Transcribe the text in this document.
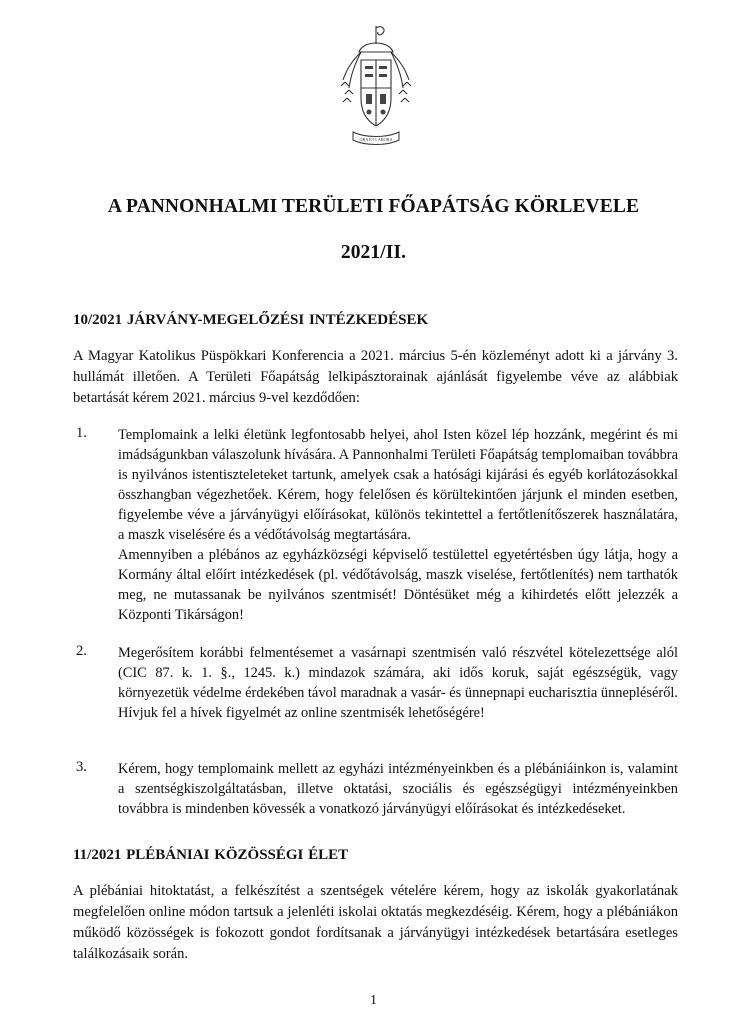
ORA ET LABORA
A PANNONHALMI TERÜLETI FŐAPÁTSÁG KÖRLEVELE
2021/II.
10/2021 JÁRVÁNY-MEGELŐZÉSI INTÉZKEDÉSEK
A Magyar Katolikus Püspökkari Konferencia a 2021. március 5-én közleményt adott ki a járvány 3. hullámát illetően. A Területi Főapátság lelkipásztorainak ajánlását figyelembe véve az alábbiak betartását kérem 2021. március 9-vel kezdődően:
1. Templomaink a lelki életünk legfontosabb helyei, ahol Isten közel lép hozzánk, megérint és mi imádságunkban válaszolunk hívására. A Pannonhalmi Területi Főapátság templomaiban továbbra is nyilvános istentiszteleteket tartunk, amelyek csak a hatósági kijárási és egyéb korlátozásokkal összhangban végezhetőek. Kérem, hogy felelősen és körültekintően járjunk el minden esetben, figyelembe véve a járványügyi előírásokat, különös tekintettel a fertőtlenítőszerek használatára, a maszk viselésére és a védőtávolság megtartására.

Amennyiben a plébános az egyházközségi képviselő testülettel egyetértésben úgy látja, hogy a Kormány által előírt intézkedések (pl. védőtávolság, maszk viselése, fertőtlenítés) nem tarthatók meg, ne mutassanak be nyilvános szentmisét! Döntésüket még a kihirdetés előtt jelezzék a Központi Tikárságon!

2. Megerősítem korábbi felmentésemet a vasárnapi szentmisén való részvétel kötelezettsége alól (CIC 87. k. 1. §., 1245. k.) mindazok számára, aki idős koruk, saját egészségük, vagy környezetük védelme érdekében távol maradnak a vasár- és ünnepnapi eucharisztia ünnepléséről. Hívjuk fel a hívek figyelmét az online szentmisék lehetőségére!

3. Kérem, hogy templomaink mellett az egyházi intézményeinkben és a plébániáinkon is, valamint a szentségkiszolgáltatásban, illetve oktatási, szociális és egészségügyi intézményeinkben továbbra is mindenben kövessék a vonatkozó járványügyi előírásokat és intézkedéseket.

11/2021 PLÉBÁNIAI KÖZÖSSÉGI ÉLET
A plébániai hitoktatást, a felkészítést a szentségek vételére kérem, hogy az iskolák gyakorlatának megfelelően online módon tartsuk a jelenléti iskolai oktatás megkezdéséig. Kérem, hogy a plébániákon működő közösségek is fokozott gondot fordítsanak a járványügyi intézkedések betartására esetleges találkozásaik során.
1
